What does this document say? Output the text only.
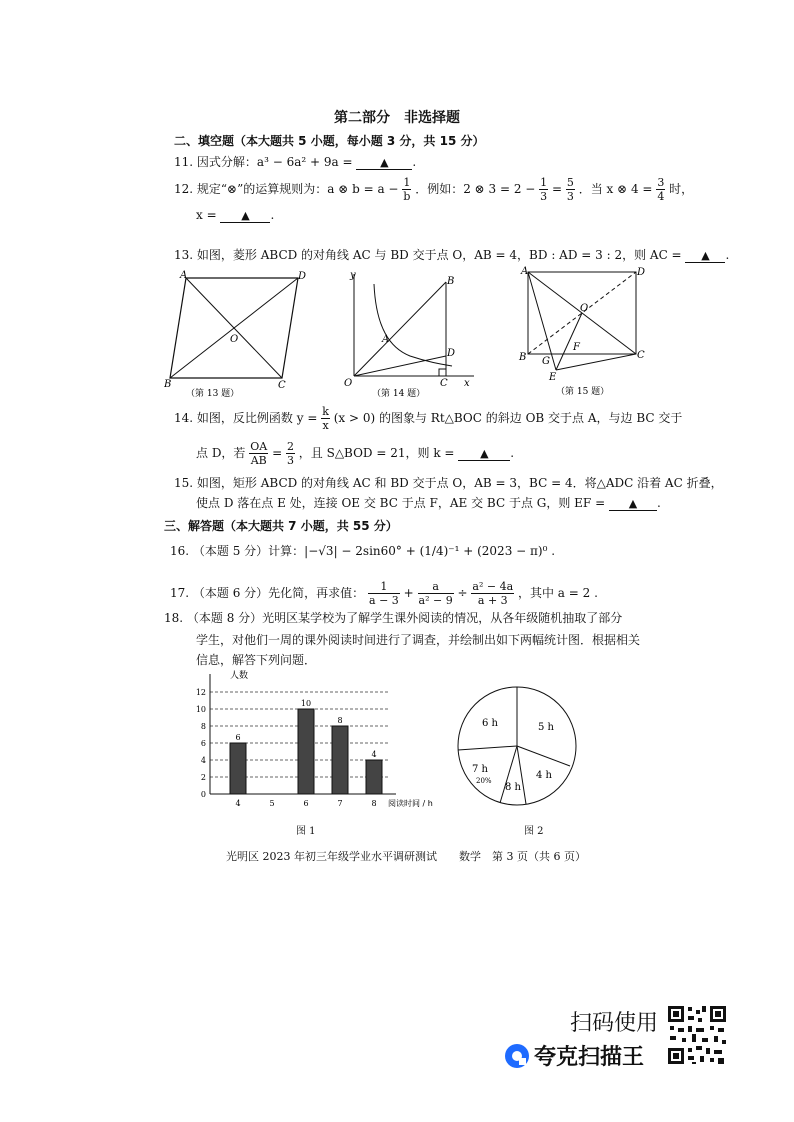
第二部分　非选择题
二、填空题（本大题共 5 小题，每小题 3 分，共 15 分）
11. 因式分解：a³ − 6a² + 9a =	▲ .
12. 规定“⊗”的运算规则为：a ⊗ $b = a - \frac{1}{b}$ ．例如：2 ⊗ $3 = 2 - \frac{1}{3} = \frac{5}{3}$ ．当 x ⊗ $4 = \frac{3}{4}$ 时，
x = ▲ .
13. 如图，菱形 ABCD 的对角线 AC 与 BD 交于点 O，AB = 4，BD : AD = 3 : 2，则 AC = ▲ .
A	D
B	C
O
（第 13 题）
y
x
O
A
B
C
D
（第 14 题）
A	D
B	C
O
E
F
G
（第 15 题）
14. 如图，反比例函数 $y = \frac{k}{x} (x > 0)$ 的图象与 Rt△BOC 的斜边 OB 交于点 A，与边 BC 交于
点 D，若 $\frac{OA}{AB} = \frac{2}{3}$ ，且 S△BOD = 21，则 k = ▲ .
15. 如图，矩形 ABCD 的对角线 AC 和 BD 交于点 O，AB = 3，BC = 4．将△ADC 沿着 AC 折叠，
使点 D 落在点 E 处，连接 OE 交 BC 于点 F，AE 交 BC 于点 G，则 EF = ▲ .
三、解答题（本大题共 7 小题，共 55 分）
16. （本题 5 分）计算：|−√3| − 2sin60° + (1/4)⁻¹ + (2023 − π)⁰ .
17. （本题 6 分）先化简，再求值： $\frac{1}{a - 3} + \frac{a}{\text{a² − 9}} \div \frac{\text{a² − 4a}}{a + 3}$ ，其中 a = 2 .
18. （本题 8 分）光明区某学校为了解学生课外阅读的情况，从各年级随机抽取了部分
学生，对他们一周的课外阅读时间进行了调查，并绘制出如下两幅统计图．根据相关
信息，解答下列问题．
0
2
4
6
8
10
12
6
10
8
4
4	5	6	7	8
人数
阅读时间 / h
图 1
5 h
4 h
8 h
7 h
20%
6 h
图 2
光明区 2023 年初三年级学业水平调研测试　　数学　第 3 页（共 6 页）
扫码使用
夸克扫描王
